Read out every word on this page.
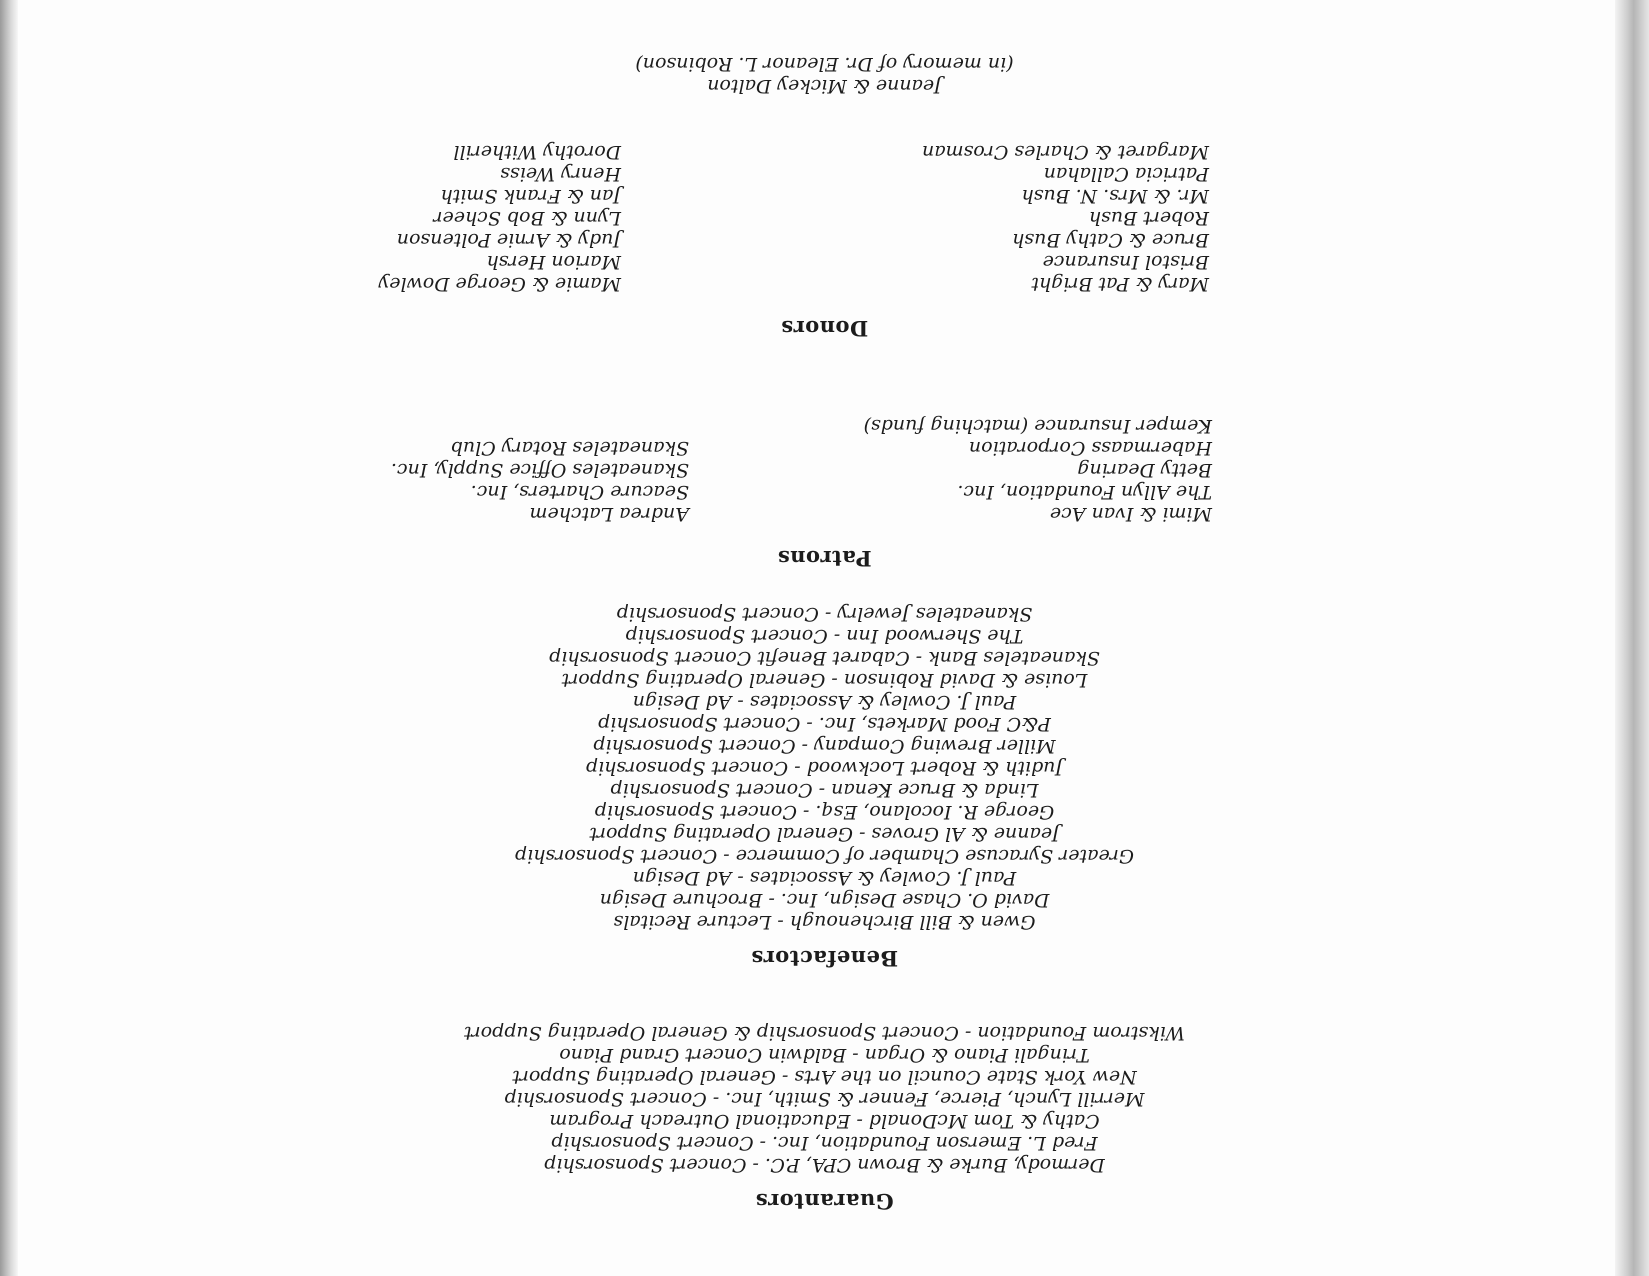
Guarantors
Dermody, Burke & Brown CPA, P.C. - Concert Sponsorship
Fred L. Emerson Foundation, Inc. - Concert Sponsorship
Cathy & Tom McDonald - Educational Outreach Program
Merrill Lynch, Pierce, Fenner & Smith, Inc. - Concert Sponsorship
New York State Council on the Arts - General Operating Support
Tringali Piano & Organ - Baldwin Concert Grand Piano
Wikstrom Foundation - Concert Sponsorship & General Operating Support
Benefactors
Gwen & Bill Birchenough - Lecture Recitals
David O. Chase Design, Inc. - Brochure Design
Paul J. Cowley & Associates - Ad Design
Greater Syracuse Chamber of Commerce - Concert Sponsorship
Jeanne & Al Groves - General Operating Support
George R. Iocolano, Esq. - Concert Sponsorship
Linda & Bruce Kenan - Concert Sponsorship
Judith & Robert Lockwood - Concert Sponsorship
Miller Brewing Company - Concert Sponsorship
P&C Food Markets, Inc. - Concert Sponsorship
Paul J. Cowley & Associates - Ad Design
Louise & David Robinson - General Operating Support
Skaneateles Bank - Cabaret Benefit Concert Sponsorship
The Sherwood Inn - Concert Sponsorship
Skaneateles Jewelry - Concert Sponsorship
Patrons
Mimi & Ivan Ace
The Allyn Foundation, Inc.
Betty Dearing
Habermaass Corporation
Kemper Insurance (matching funds)
Andrea Latchem
Seacure Charters, Inc.
Skaneateles Office Supply, Inc.
Skaneateles Rotary Club
Donors
Mary & Pat Bright
Bristol Insurance
Bruce & Cathy Bush
Robert Bush
Mr. & Mrs. N. Bush
Patricia Callahan
Margaret & Charles Crosman
Mamie & George Dowley
Marion Hersh
Judy & Arnie Poltenson
Lynn & Bob Scheer
Jan & Frank Smith
Henry Weiss
Dorothy Witherill
Jeanne & Mickey Dalton
(in memory of Dr. Eleanor L. Robinson)
